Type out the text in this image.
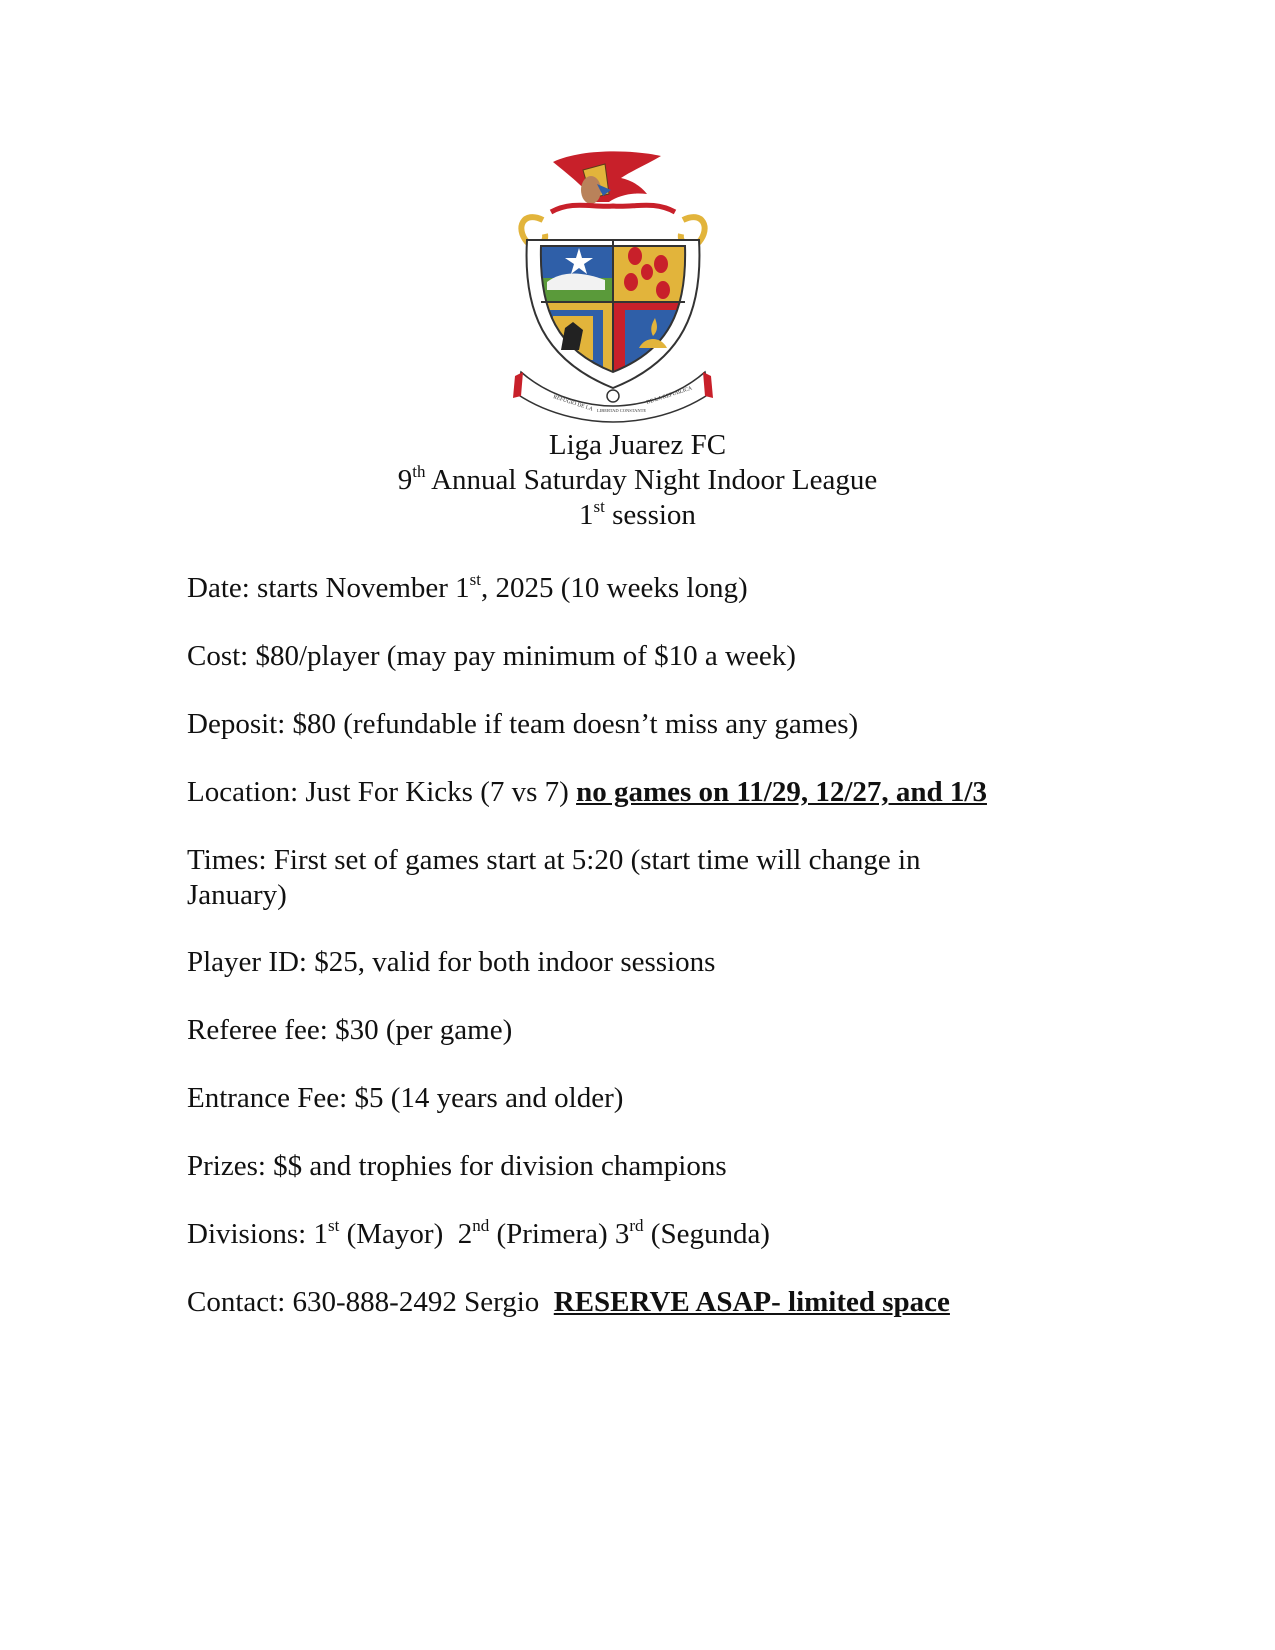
REFUGIO DE LA LIBERTAD CONSTANTE
DE LA REPUBLICA
Liga Juarez FC
9th Annual Saturday Night Indoor League
1st session
Date: starts November 1st, 2025 (10 weeks long)
Cost: $80/player (may pay minimum of $10 a week)
Deposit: $80 (refundable if team doesn’t miss any games)
Location: Just For Kicks (7 vs 7) no games on 11/29, 12/27, and 1/3
Times: First set of games start at 5:20 (start time will change in January)
Player ID: $25, valid for both indoor sessions
Referee fee: $30 (per game)
Entrance Fee: $5 (14 years and older)
Prizes: $$ and trophies for division champions
Divisions: 1st (Mayor)  2nd (Primera) 3rd (Segunda)
Contact: 630-888-2492 Sergio  RESERVE ASAP- limited space
